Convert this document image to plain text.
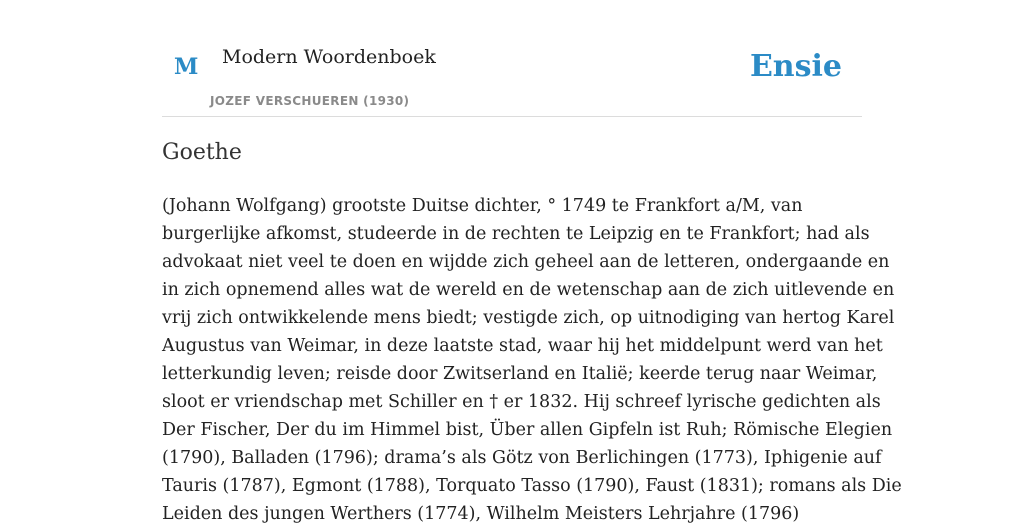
M Modern Woordenboek
JOZEF VERSCHUEREN (1930)
Ensie
Goethe
(Johann Wolfgang) grootste Duitse dichter, ° 1749 te Frankfort a/M, van
burgerlijke afkomst, studeerde in de rechten te Leipzig en te Frankfort; had als
advokaat niet veel te doen en wijdde zich geheel aan de letteren, ondergaande en
in zich opnemend alles wat de wereld en de wetenschap aan de zich uitlevende en
vrij zich ontwikkelende mens biedt; vestigde zich, op uitnodiging van hertog Karel
Augustus van Weimar, in deze laatste stad, waar hij het middelpunt werd van het
letterkundig leven; reisde door Zwitserland en Italië; keerde terug naar Weimar,
sloot er vriendschap met Schiller en † er 1832. Hij schreef lyrische gedichten als
Der Fischer, Der du im Himmel bist, Über allen Gipfeln ist Ruh; Römische Elegien
(1790), Balladen (1796); drama’s als Götz von Berlichingen (1773), Iphigenie auf
Tauris (1787), Egmont (1788), Torquato Tasso (1790), Faust (1831); romans als Die
Leiden des jungen Werthers (1774), Wilhelm Meisters Lehrjahre (1796)
